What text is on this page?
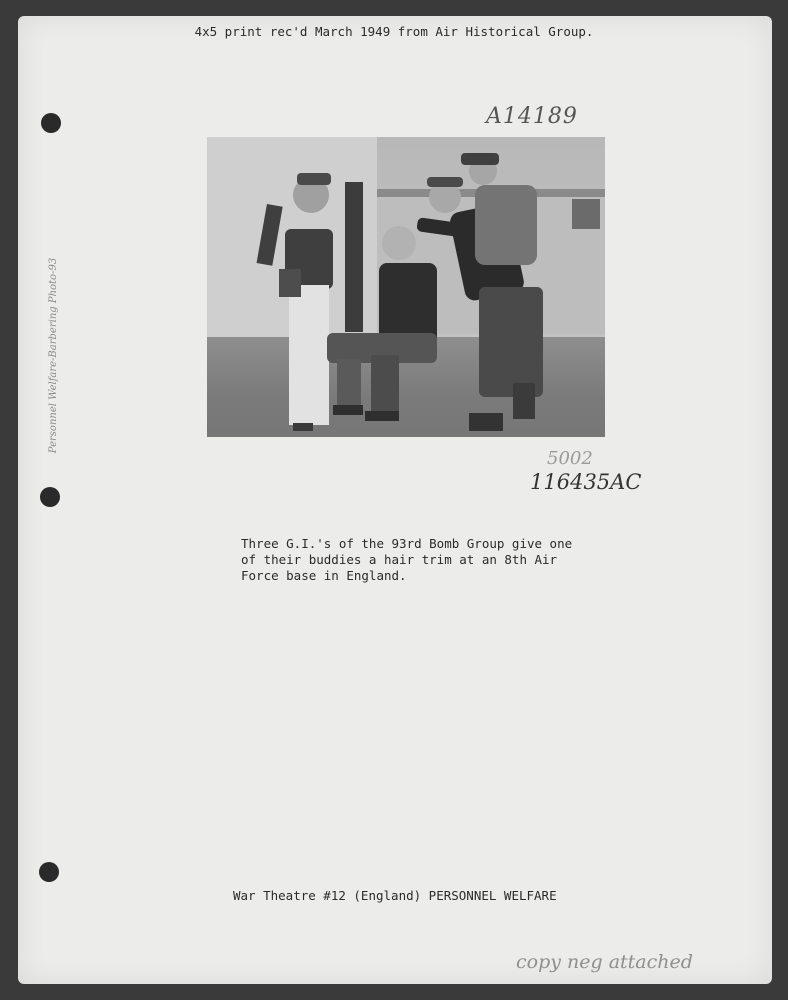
4x5 print rec'd March 1949 from Air Historical Group.
A14189
Personnel Welfare-Barbering Photo-93
5002
116435AC
Three G.I.'s of the 93rd Bomb Group give one
of their buddies a hair trim at an 8th Air
Force base in England.
War Theatre #12 (England) PERSONNEL WELFARE
copy neg attached
